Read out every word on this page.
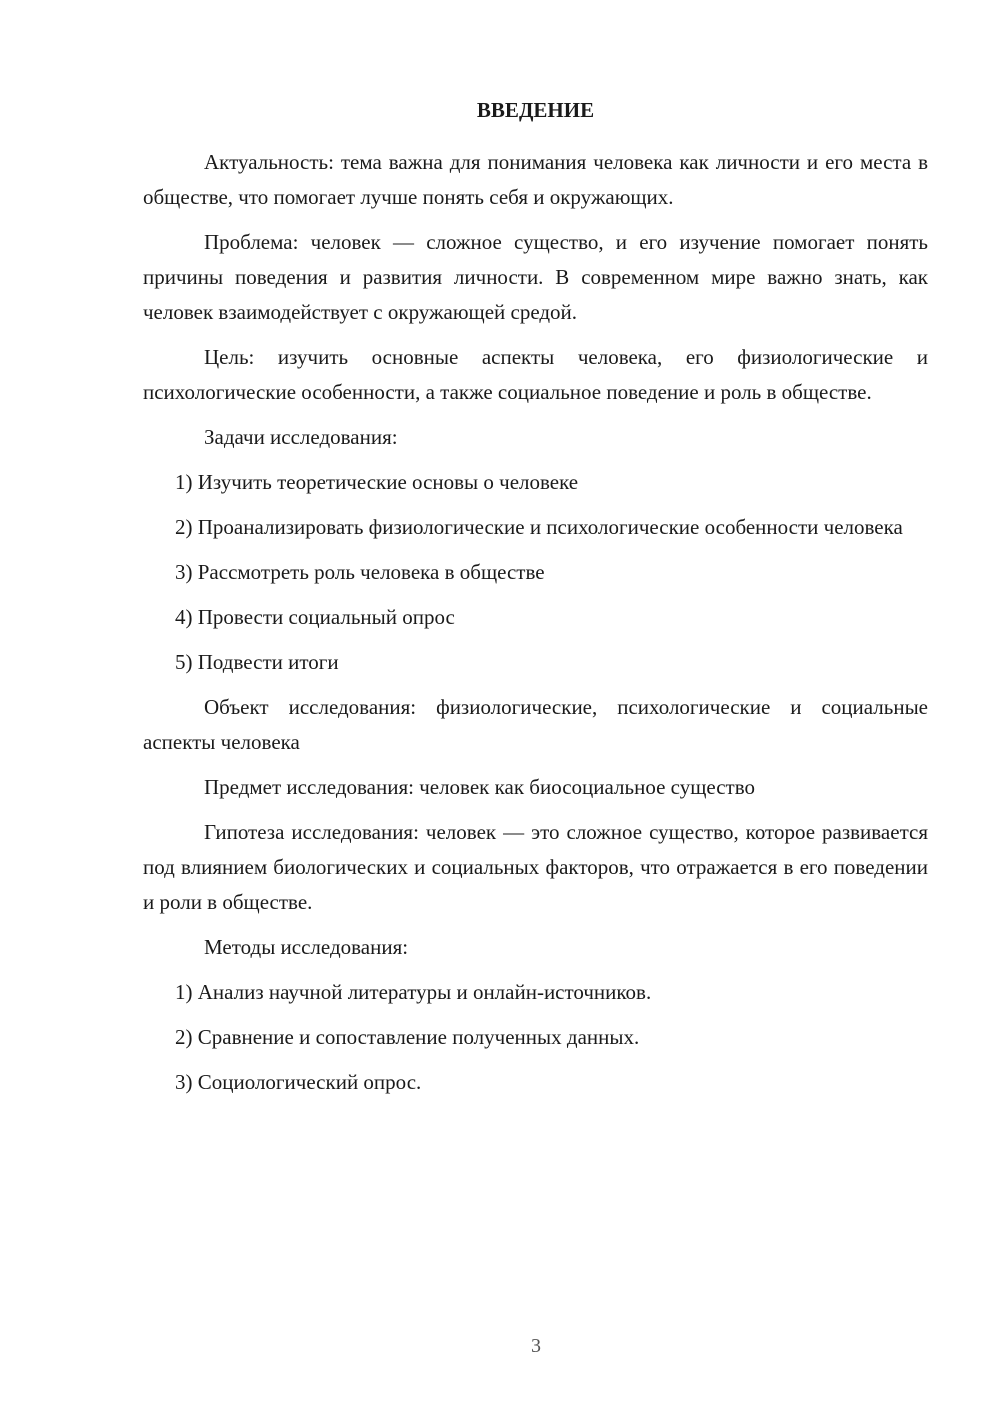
ВВЕДЕНИЕ

Актуальность: тема важна для понимания человека как личности и его места в обществе, что помогает лучше понять себя и окружающих.

Проблема: человек — сложное существо, и его изучение помогает понять причины поведения и развития личности. В современном мире важно знать, как человек взаимодействует с окружающей средой.

Цель: изучить основные аспекты человека, его физиологические и психологические особенности, а также социальное поведение и роль в обществе.

Задачи исследования:

1) Изучить теоретические основы о человеке

2) Проанализировать физиологические и психологические особенности человека

3) Рассмотреть роль человека в обществе

4) Провести социальный опрос

5) Подвести итоги

Объект исследования: физиологические, психологические и социальные аспекты человека

Предмет исследования: человек как биосоциальное существо

Гипотеза исследования: человек — это сложное существо, которое развивается под влиянием биологических и социальных факторов, что отражается в его поведении и роли в обществе.

Методы исследования:

1) Анализ научной литературы и онлайн-источников.

2) Сравнение и сопоставление полученных данных.

3) Социологический опрос.

3
